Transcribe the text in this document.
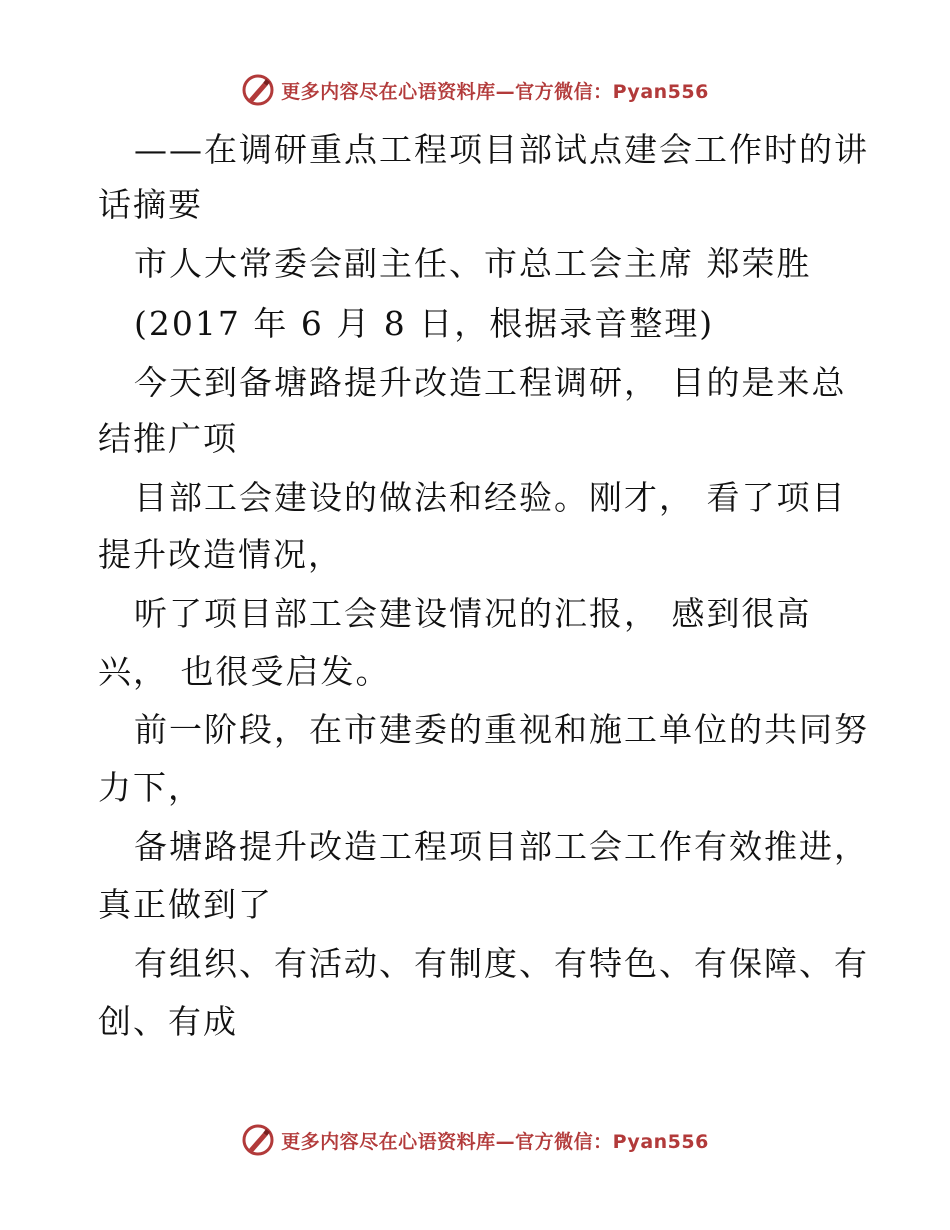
更多内容尽在心语资料库—官方微信：Pyan556
——在调研重点工程项目部试点建会工作时的讲
话摘要
市人大常委会副主任、市总工会主席 郑荣胜
(2017 年 6 月 8 日，根据录音整理)
今天到备塘路提升改造工程调研， 目的是来总
结推广项
目部工会建设的做法和经验。刚才， 看了项目
提升改造情况，
听了项目部工会建设情况的汇报， 感到很高
兴， 也很受启发。
前一阶段，在市建委的重视和施工单位的共同努
力下，
备塘路提升改造工程项目部工会工作有效推进，
真正做到了
有组织、有活动、有制度、有特色、有保障、有
创、有成
更多内容尽在心语资料库—官方微信：Pyan556
